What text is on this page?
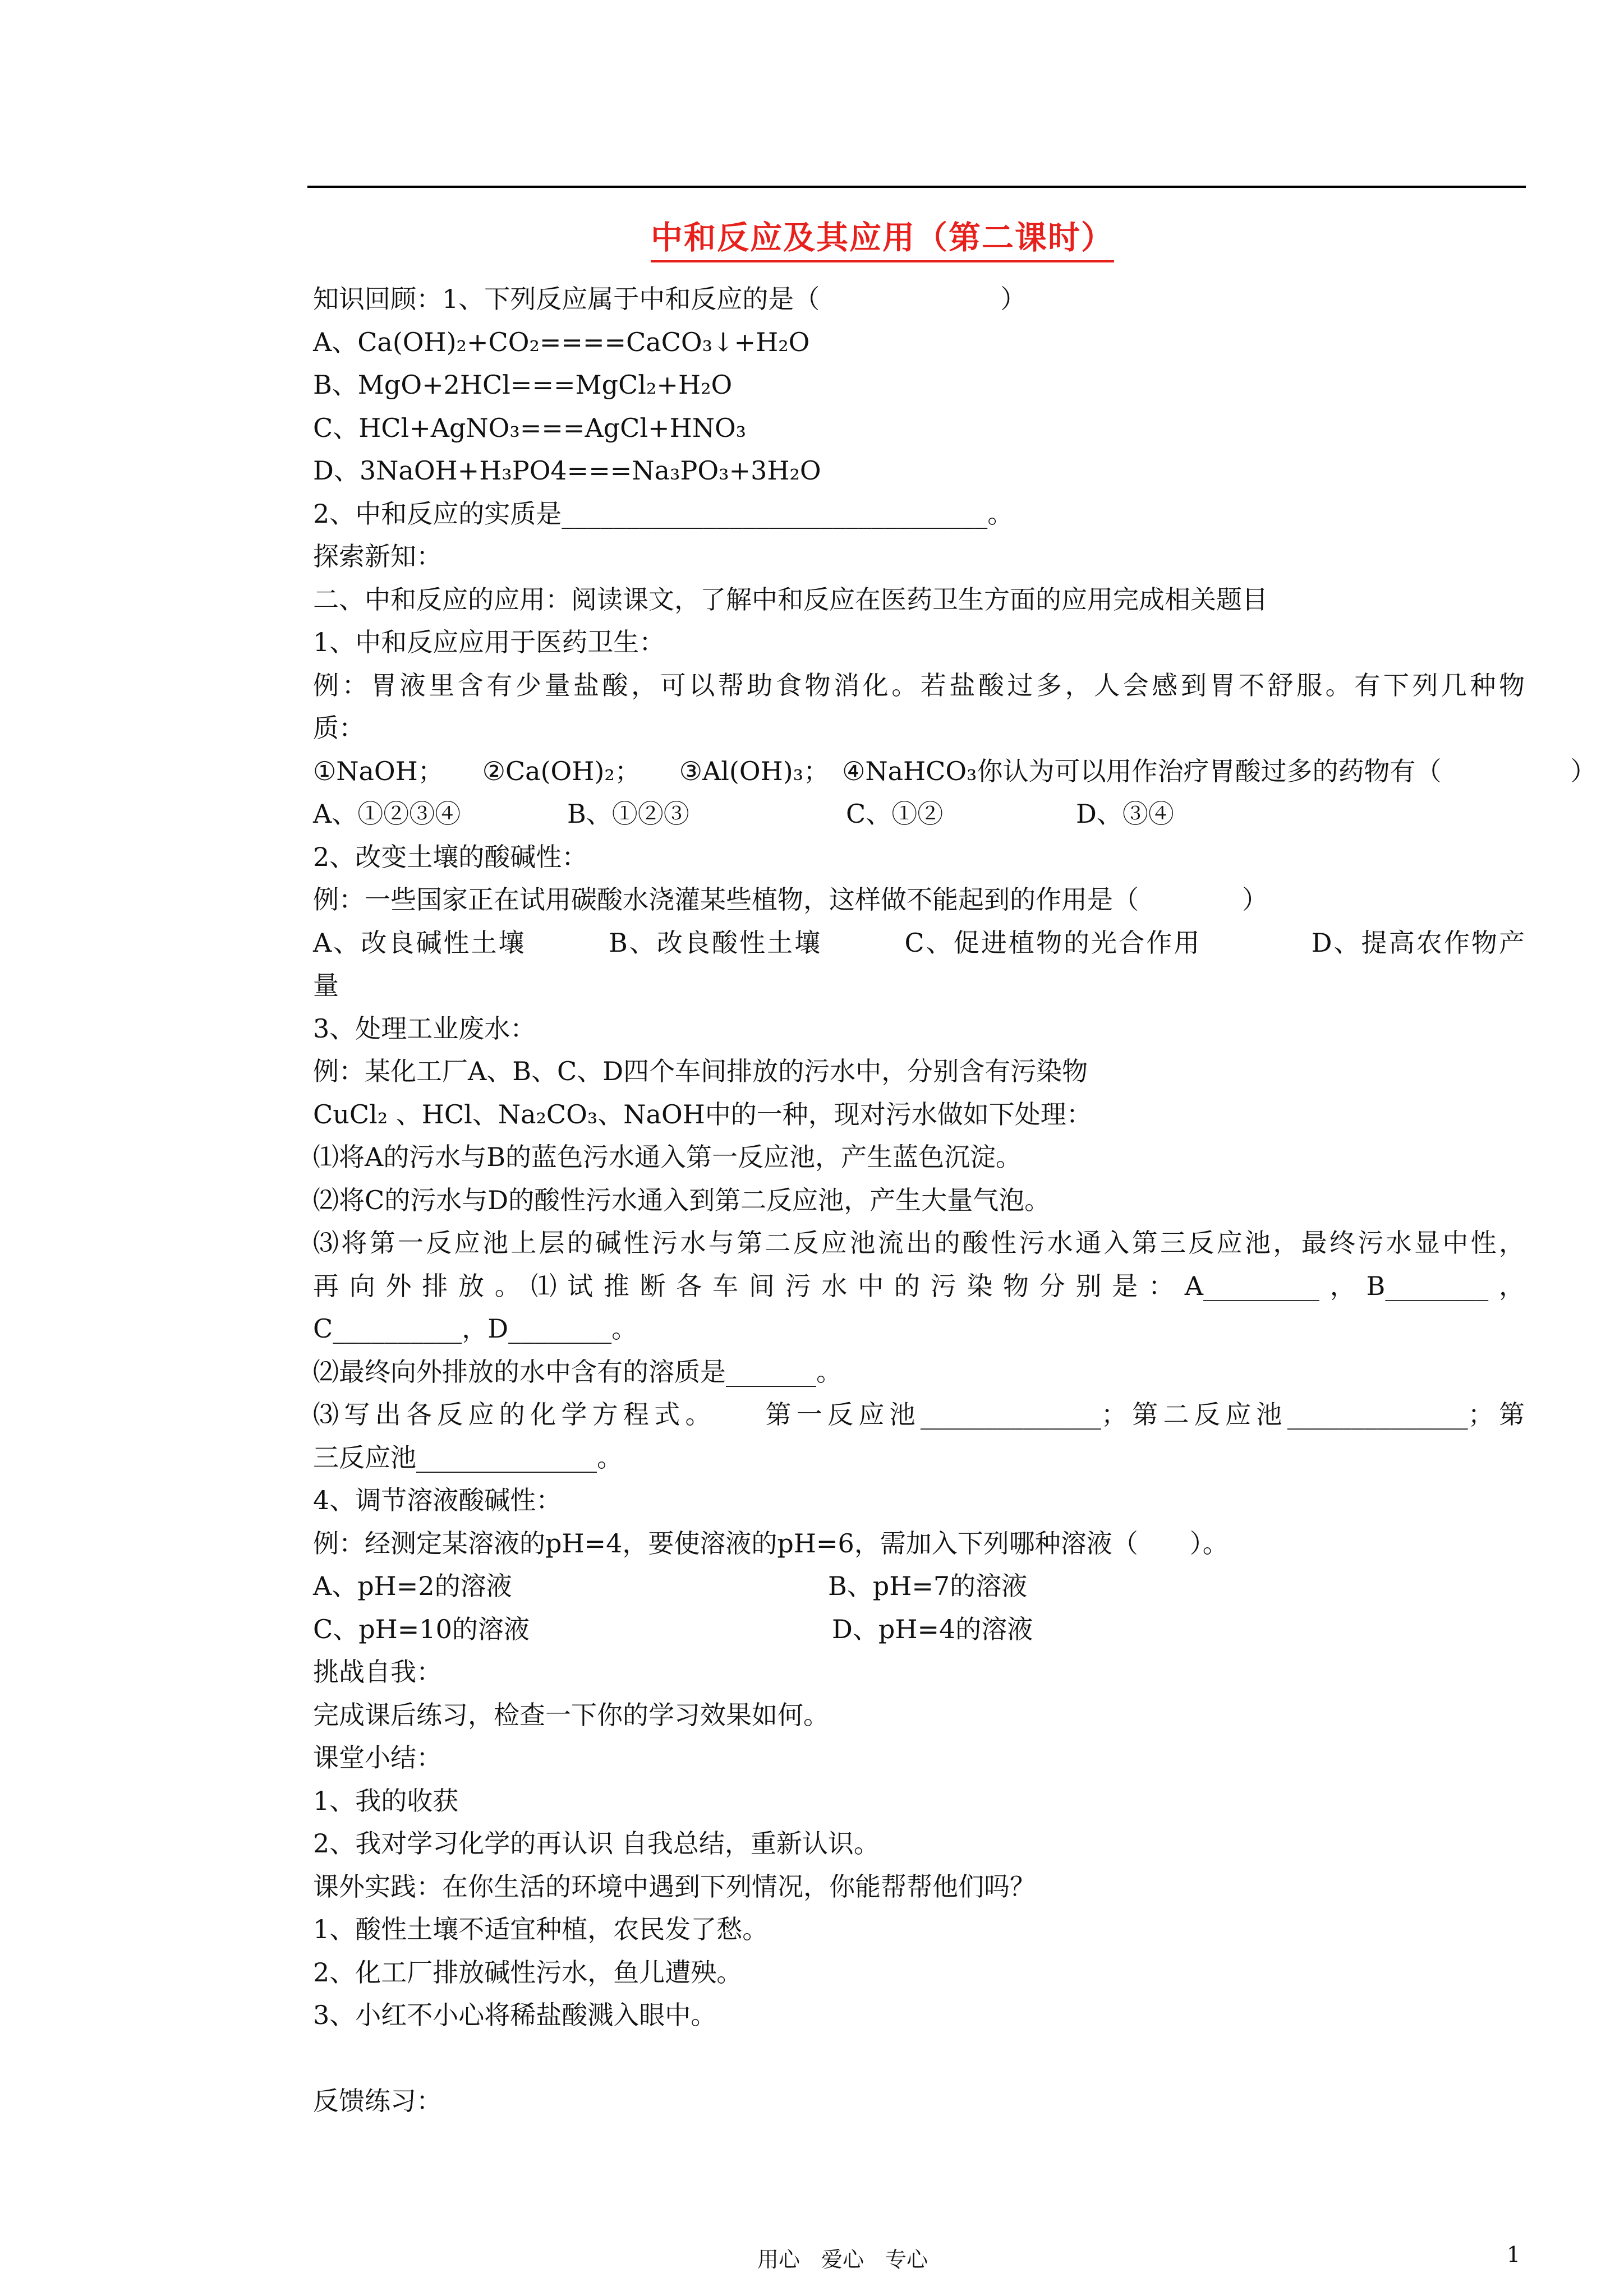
中和反应及其应用（第二课时）
知识回顾：1、下列反应属于中和反应的是（　　　　　　　）
A、Ca(OH)₂+CO₂====CaCO₃↓+H₂O
B、MgO+2HCl===MgCl₂+H₂O
C、HCl+AgNO₃===AgCl+HNO₃
D、3NaOH+H₃PO4===Na₃PO₃+3H₂O
2、中和反应的实质是_________________________________。
探索新知：
二、中和反应的应用：阅读课文，了解中和反应在医药卫生方面的应用完成相关题目
1、中和反应应用于医药卫生：
例：胃液里含有少量盐酸，可以帮助食物消化。若盐酸过多，人会感到胃不舒服。有下列几种物
质：
①NaOH；　　②Ca(OH)₂；　　③Al(OH)₃；　④NaHCO₃你认为可以用作治疗胃酸过多的药物有（　　　　　）
A、①②③④	B、①②③	C、①②	D、③④
2、改变土壤的酸碱性：
例：一些国家正在试用碳酸水浇灌某些植物，这样做不能起到的作用是（　　　　）
A、改良碱性土壤　　　B、改良酸性土壤　　　C、促进植物的光合作用　　　　D、提高农作物产
量
3、处理工业废水：
例：某化工厂A、B、C、D四个车间排放的污水中，分别含有污染物
CuCl₂ 、HCl、Na₂CO₃、NaOH中的一种，现对污水做如下处理：
⑴将A的污水与B的蓝色污水通入第一反应池，产生蓝色沉淀。
⑵将C的污水与D的酸性污水通入到第二反应池，产生大量气泡。
⑶将第一反应池上层的碱性污水与第二反应池流出的酸性污水通入第三反应池，最终污水显中性，
再向外排放。⑴试推断各车间污水中的污染物分别是：A_________，B________，
C__________，D________。
⑵最终向外排放的水中含有的溶质是_______。
⑶写出各反应的化学方程式。　　第一反应池______________；第二反应池______________；第
三反应池______________。
4、调节溶液酸碱性：
例：经测定某溶液的pH=4，要使溶液的pH=6，需加入下列哪种溶液（　　）。
A、pH=2的溶液	B、pH=7的溶液
C、pH=10的溶液	D、pH=4的溶液
挑战自我：
完成课后练习，检查一下你的学习效果如何。
课堂小结：
1、我的收获
2、我对学习化学的再认识 自我总结，重新认识。
课外实践：在你生活的环境中遇到下列情况，你能帮帮他们吗？
1、酸性土壤不适宜种植，农民发了愁。
2、化工厂排放碱性污水，鱼儿遭殃。
3、小红不小心将稀盐酸溅入眼中。
反馈练习：
用心　爱心　专心	1
